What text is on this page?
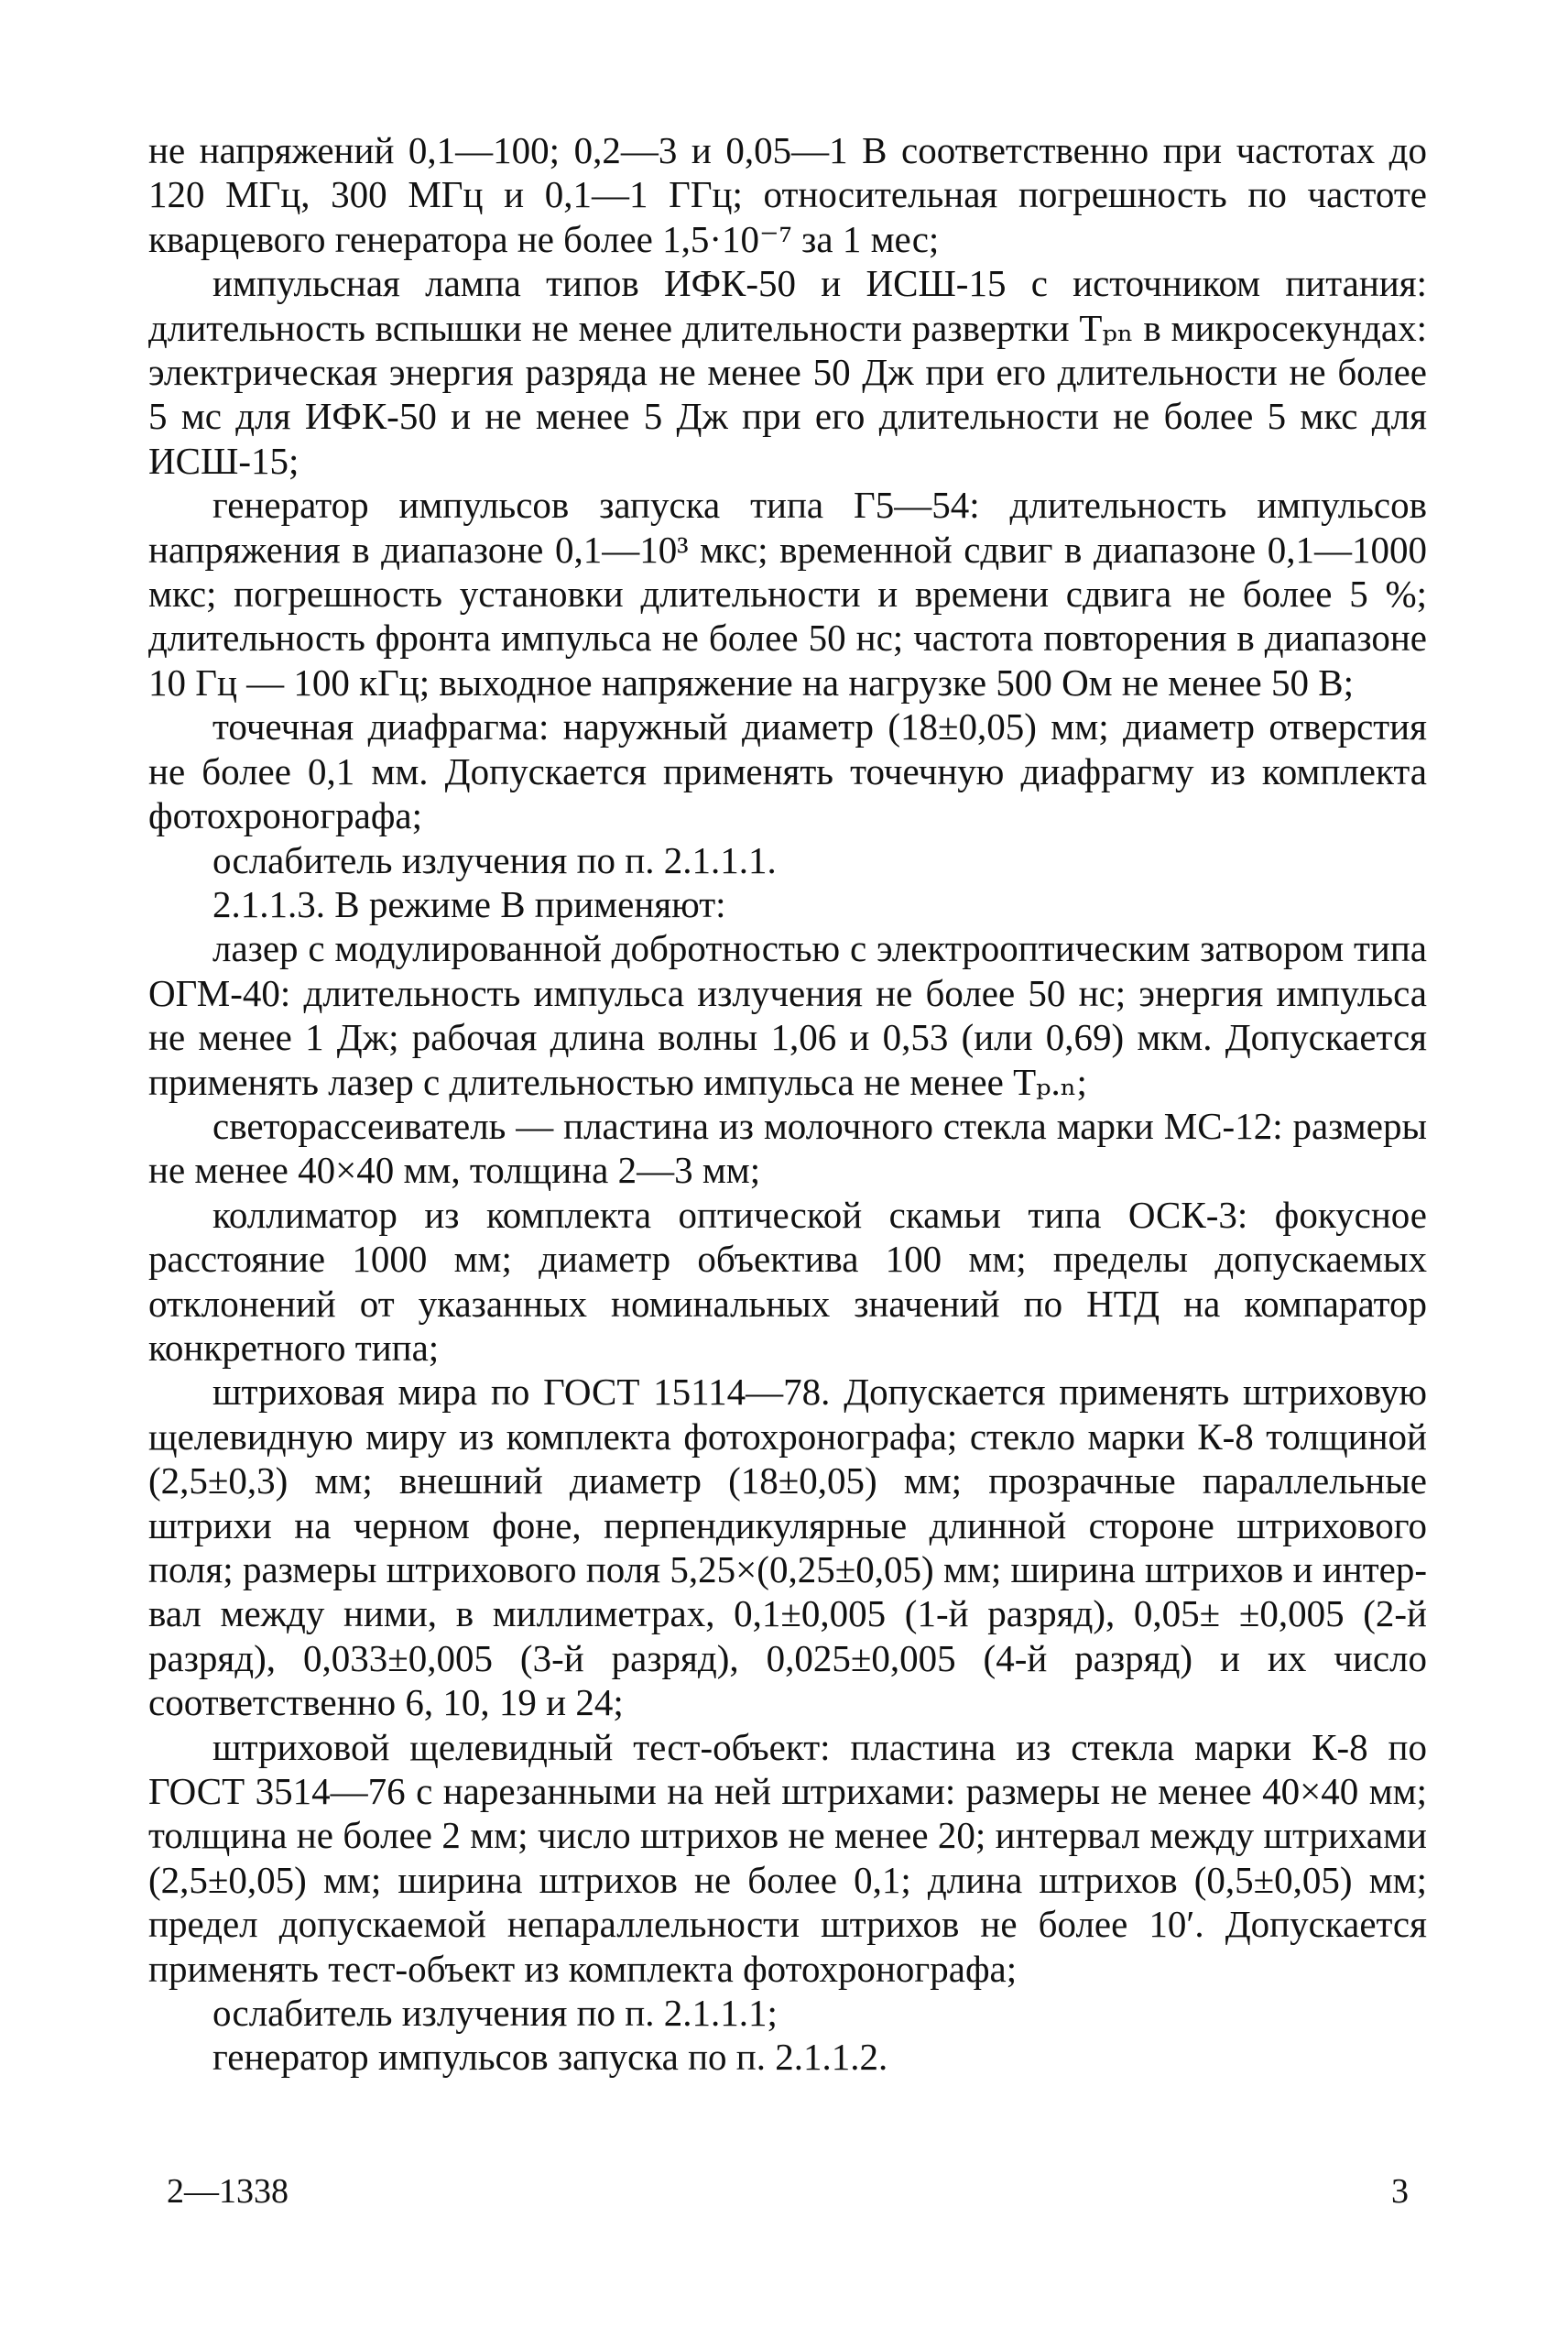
не напряжений 0,1—100; 0,2—3 и 0,05—1 В соответственно при частотах до 120 МГц, 300 МГц и 0,1—1 ГГц; относительная погрешность по частоте кварцевого генератора не более 1,5·10⁻⁷ за 1 мес;

импульсная лампа типов ИФК-50 и ИСШ-15 с источником питания: длительность вспышки не менее длительности развертки Tₚₙ в микросекундах: электрическая энергия разряда не менее 50 Дж при его длительности не более 5 мс для ИФК-50 и не менее 5 Дж при его длительности не более 5 мкс для ИСШ-15;

генератор импульсов запуска типа Г5—54: длительность импульсов напряжения в диапазоне 0,1—10³ мкс; временной сдвиг в диапазоне 0,1—1000 мкс; погрешность установки длительности и времени сдвига не более 5 %; длительность фронта импульса не более 50 нс; частота повторения в диапазоне 10 Гц — 100 кГц; выходное напряжение на нагрузке 500 Ом не менее 50 В;

точечная диафрагма: наружный диаметр (18±0,05) мм; диаметр отверстия не более 0,1 мм. Допускается применять точечную диафрагму из комплекта фотохронографа;

ослабитель излучения по п. 2.1.1.1.

2.1.1.3. В режиме В применяют:

лазер с модулированной добротностью с электрооптическим затвором типа ОГМ-40: длительность импульса излучения не более 50 нс; энергия импульса не менее 1 Дж; рабочая длина волны 1,06 и 0,53 (или 0,69) мкм. Допускается применять лазер с длительностью импульса не менее Tₚ.ₙ;

светорассеиватель — пластина из молочного стекла марки МС-12: размеры не менее 40×40 мм, толщина 2—3 мм;

коллиматор из комплекта оптической скамьи типа ОСК-3: фокусное расстояние 1000 мм; диаметр объектива 100 мм; пределы допускаемых отклонений от указанных номинальных значений по НТД на компаратор конкретного типа;

штриховая мира по ГОСТ 15114—78. Допускается применять штриховую щелевидную миру из комплекта фотохронографа; стекло марки К-8 толщиной (2,5±0,3) мм; внешний диаметр (18±0,05) мм; прозрачные параллельные штрихи на черном фоне, перпендикулярные длинной стороне штрихового поля; размеры штрихового поля 5,25×(0,25±0,05) мм; ширина штрихов и интервал между ними, в миллиметрах, 0,1±0,005 (1-й разряд), 0,05± ±0,005 (2-й разряд), 0,033±0,005 (3-й разряд), 0,025±0,005 (4-й разряд) и их число соответственно 6, 10, 19 и 24;

штриховой щелевидный тест-объект: пластина из стекла марки К-8 по ГОСТ 3514—76 с нарезанными на ней штрихами: размеры не менее 40×40 мм; толщина не более 2 мм; число штрихов не менее 20; интервал между штрихами (2,5±0,05) мм; ширина штрихов не более 0,1; длина штрихов (0,5±0,05) мм; предел допускаемой непараллельности штрихов не более 10′. Допускается применять тест-объект из комплекта фотохронографа;

ослабитель излучения по п. 2.1.1.1;

генератор импульсов запуска по п. 2.1.1.2.

2—1338	3
